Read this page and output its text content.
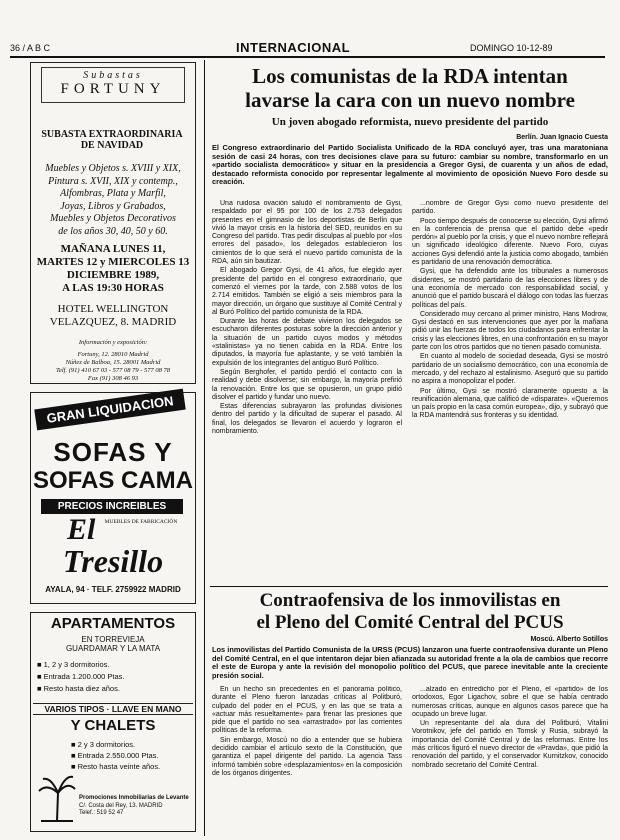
36 / A B C	INTERNACIONAL	DOMINGO 10-12-89
Subastas
FORTUNY
SUBASTA EXTRAORDINARIA
DE NAVIDAD
Muebles y Objetos s. XVIII y XIX,
Pintura s. XVII, XIX y contemp.,
Alfombras, Plata y Marfil,
Joyas, Libros y Grabados,
Muebles y Objetos Decorativos
de los años 30, 40, 50 y 60.
MAÑANA LUNES 11,
MARTES 12 y MIERCOLES 13
DICIEMBRE 1989,
A LAS 19:30 HORAS
HOTEL WELLINGTON
VELAZQUEZ, 8. MADRID
Información y exposición:
Fortuny, 12. 28010 Madrid
Núñez de Balboa, 15. 28001 Madrid
Telf. (91) 410 67 03 - 577 08 79 - 577 08 78
Fax (91) 308 46 93
GRAN LIQUIDACION
SOFAS Y
SOFAS CAMA
PRECIOS INCREIBLES
MUEBLES DE FABRICACIÓN
El
Tresillo
AYALA, 94 · TELF. 2759922 MADRID
APARTAMENTOS
EN TORREVIEJA
GUARDAMAR Y LA MATA
■ 1, 2 y 3 dormitorios.
■ Entrada 1.200.000 Ptas.
■ Resto hasta diez años.
VARIOS TIPOS · LLAVE EN MANO
Y CHALETS
■ 2 y 3 dormitorios.
■ Entrada 2.550.000 Ptas.
■ Resto hasta veinte años.
Promociones Inmobiliarias de Levante
C/. Costa del Rey, 13. MADRID
Telef.: 519 52 47
Los comunistas de la RDA intentan
lavarse la cara con un nuevo nombre
Un joven abogado reformista, nuevo presidente del partido
Berlín. Juan Ignacio Cuesta
El Congreso extraordinario del Partido Socialista Unificado de la RDA concluyó ayer, tras una maratoniana sesión de casi 24 horas, con tres decisiones clave para su futuro: cambiar su nombre, transformarlo en un «partido socialista democrático» y situar en la presidencia a Gregor Gysi, de cuarenta y un años de edad, destacado reformista conocido por representar legalmente al movimiento de oposición Nuevo Foro desde su creación.

Una ruidosa ovación saludó el nombramiento de Gysi, respaldado por el 95 por 100 de los 2.753 delegados presentes en el gimnasio de los deportistas de Berlín que vivió la mayor crisis en la historia del SED, reunidos en su Congreso del partido. Tras pedir disculpas al pueblo por «los errores del pasado», los delegados establecieron los cimientos de lo que será el nuevo partido comunista de la RDA, aún sin bautizar.

El abogado Gregor Gysi, de 41 años, fue elegido ayer presidente del partido en el congreso extraordinario, que comenzó el viernes por la tarde, con 2.588 votos de los 2.714 emitidos. También se eligió a seis miembros para la mayor dirección, un órgano que sustituye al Comité Central y al Buró Político del partido comunista de la RDA.

Durante las horas de debate vivieron los delegados se escucharon diferentes posturas sobre la dirección anterior y la situación de un partido cuyos modos y métodos «stalinistas» ya no tienen cabida en la RDA. Entre los diputados, la mayoría fue aplastante, y se votó también la expulsión de los integrantes del antiguo Buró Político.

Según Berghofer, el partido perdió el contacto con la realidad y debe disolverse; sin embargo, la mayoría prefirió la renovación. Entre los que se opusieron, un grupo pidió disolver el partido y fundar uno nuevo.

Estas diferencias subrayaron las profundas divisiones dentro del partido y la dificultad de superar el pasado. Al final, los delegados se llevaron el acuerdo y lograron el nombramiento.

...nombre de Gregor Gysi como nuevo presidente del partido.

Poco tiempo después de conocerse su elección, Gysi afirmó en la conferencia de prensa que el partido debe «pedir perdón» al pueblo por la crisis, y que el nuevo nombre reflejará un significado ideológico diferente. Nuevo Foro, cuyas acciones Gysi defendió ante la justicia como abogado, también es partidario de una renovación democrática.

Gysi, que ha defendido ante los tribunales a numerosos disidentes, se mostró partidario de las elecciones libres y de una economía de mercado con responsabilidad social, y anunció que el partido buscará el diálogo con todas las fuerzas políticas del país.

Considerado muy cercano al primer ministro, Hans Modrow, Gysi destacó en sus intervenciones que ayer por la mañana pidió unir las fuerzas de todos los ciudadanos para enfrentar la crisis y las elecciones libres, en una confrontación en su mayor parte con los otros partidos que no tienen pasado comunista.

En cuanto al modelo de sociedad deseada, Gysi se mostró partidario de un socialismo democrático, con una economía de mercado, y del rechazo al estalinismo. Aseguró que su partido no aspira a monopolizar el poder.

Por último, Gysi se mostró claramente opuesto a la reunificación alemana, que calificó de «disparate». «Queremos un país propio en la casa común europea», dijo, y subrayó que la RDA mantendrá sus fronteras y su identidad.

Contraofensiva de los inmovilistas en
el Pleno del Comité Central del PCUS
Moscú. Alberto Sotillos
Los inmovilistas del Partido Comunista de la URSS (PCUS) lanzaron una fuerte contraofensiva durante un Pleno del Comité Central, en el que intentaron dejar bien afianzada su autoridad frente a la ola de cambios que recorre el este de Europa y ante la revisión del monopolio político del PCUS, que parece inevitable ante la creciente presión social.

En un hecho sin precedentes en el panorama político, durante el Pleno fueron lanzadas críticas al Politburó, culpado del poder en el PCUS, y en las que se trata a «actuar más resueltamente» para frenar las presiones que pide que el partido no sea «arrastrado» por las corrientes políticas de la reforma.

Sin embargo, Moscú no dio a entender que se hubiera decidido cambiar el artículo sexto de la Constitución, que garantiza el papel dirigente del partido. La agencia Tass informó también sobre «desplazamientos» en la composición de los órganos dirigentes.

...alzado en entredicho por el Pleno, el «partido» de los ortodoxos, Egor Ligachov, sobre el que se había centrado numerosas críticas, aunque en algunos casos parece que ha ocupado un breve lugar.

Un representante del ala dura del Politburó, Vitalini Vorotnikov, jefe del partido en Tomsk y Rusia, subrayó la importancia del Comité Central y de las reformas. Entre los más críticos figuró el nuevo director de «Pravda», que pidió la renovación del partido, y el conservador Kurnitzkov, conocido nombrado secretario del Comité Central.
